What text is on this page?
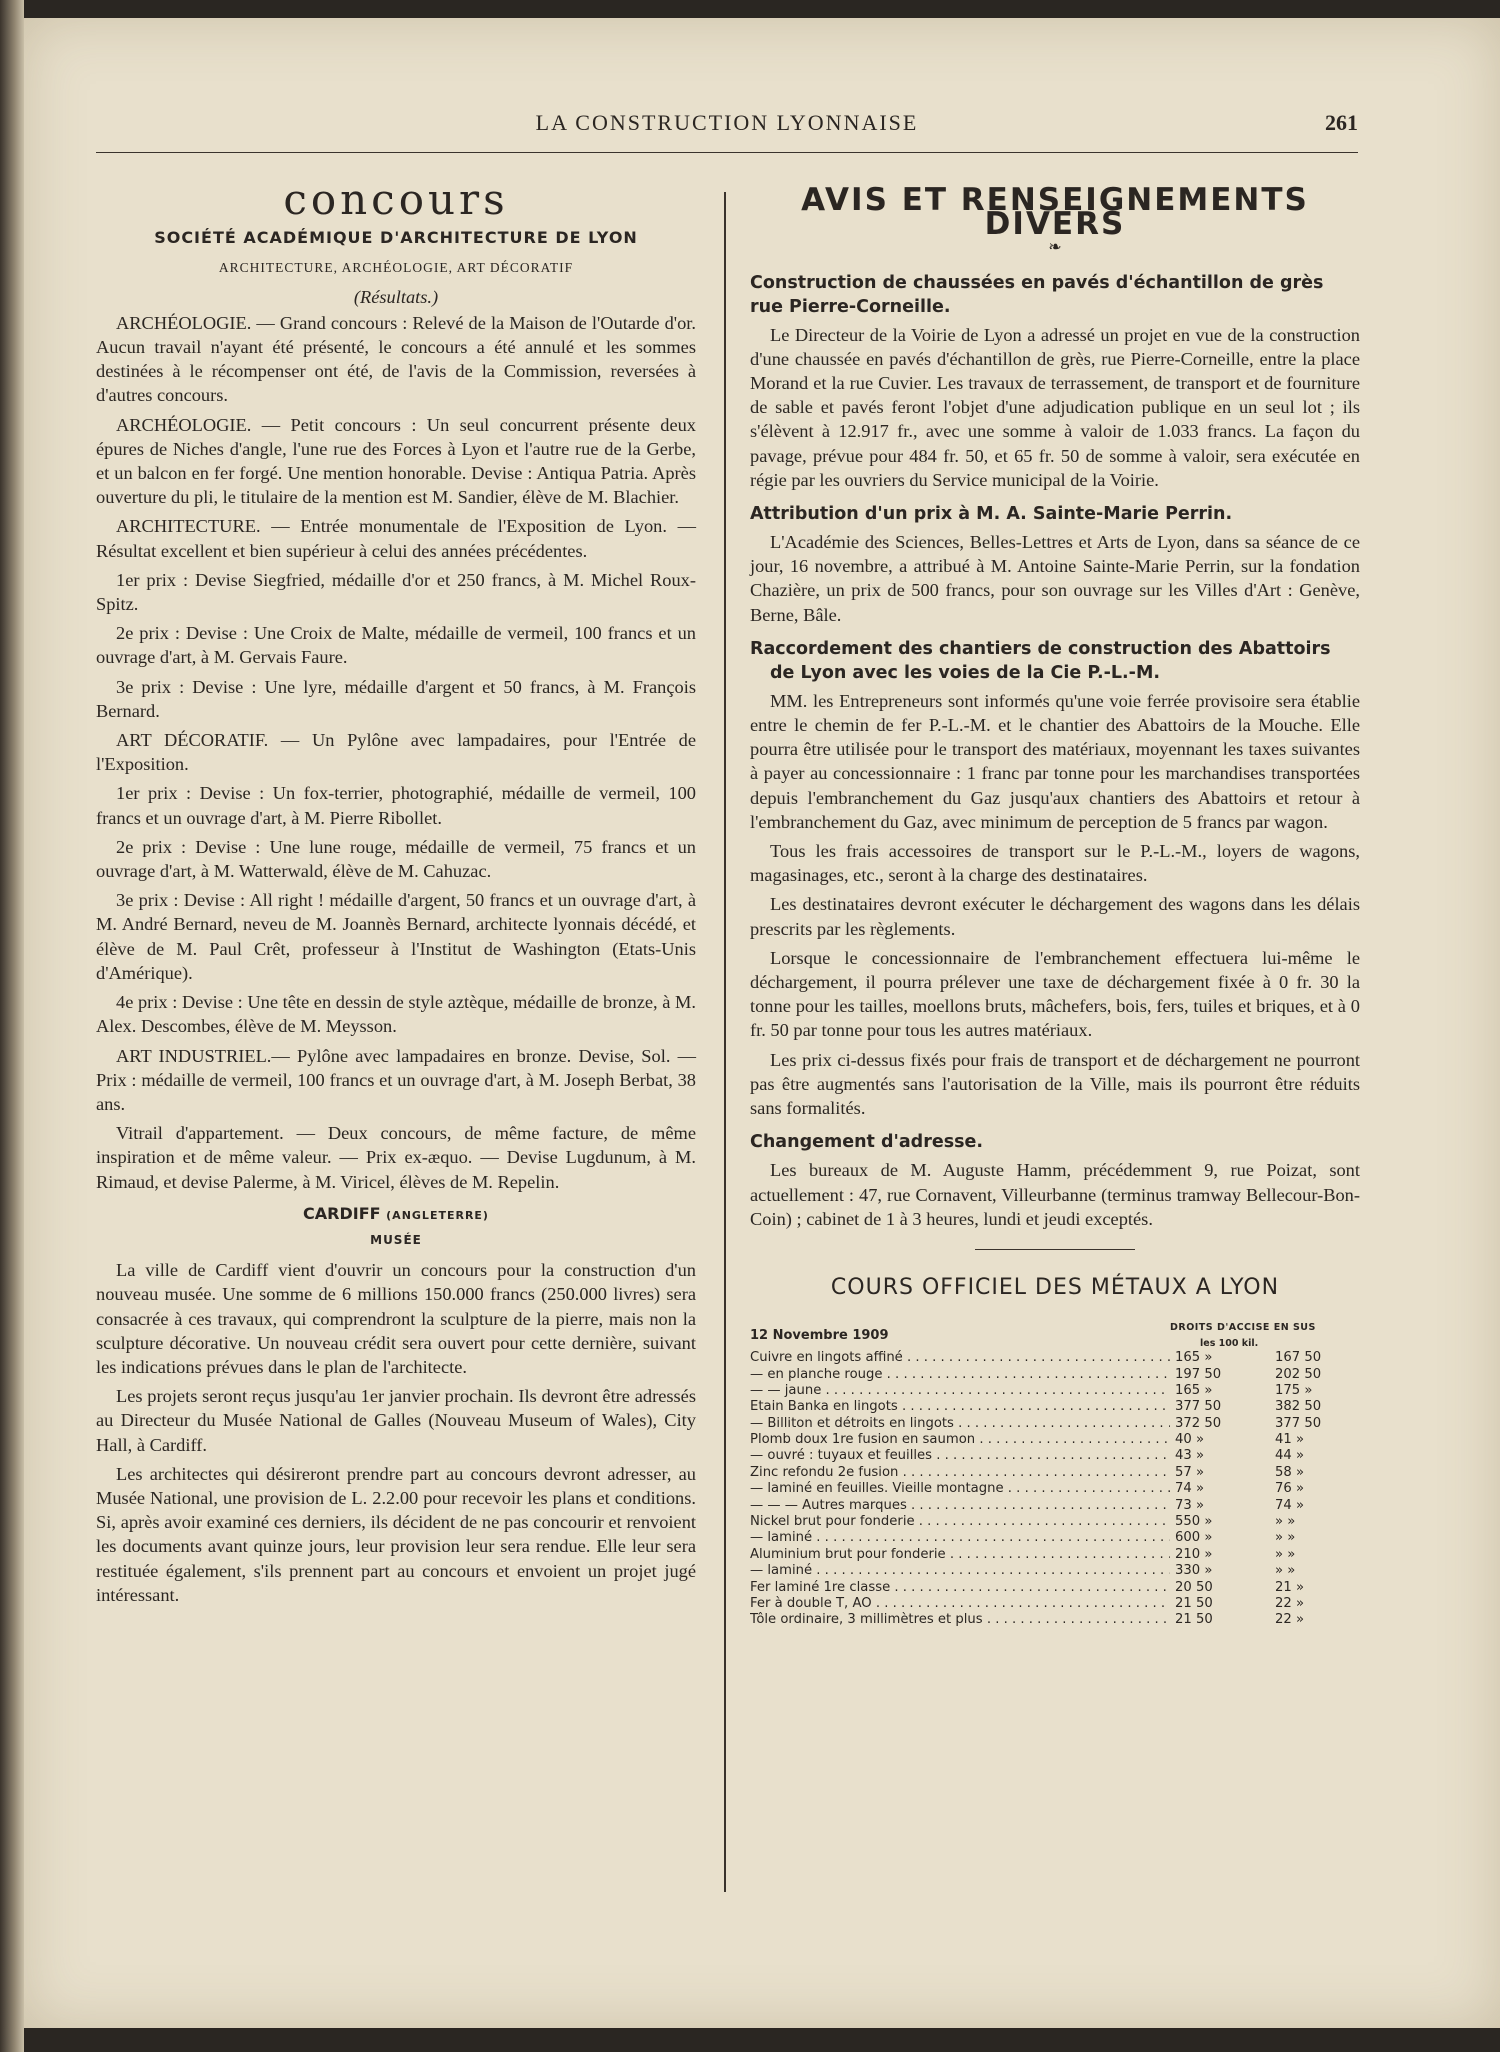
LA CONSTRUCTION LYONNAISE	261
concours
SOCIÉTÉ ACADÉMIQUE D'ARCHITECTURE DE LYON
ARCHITECTURE, ARCHÉOLOGIE, ART DÉCORATIF
(Résultats.)

ARCHÉOLOGIE. — Grand concours : Relevé de la Maison de l'Outarde d'or. Aucun travail n'ayant été présenté, le concours a été annulé et les sommes destinées à le récompenser ont été, de l'avis de la Commission, reversées à d'autres concours.

ARCHÉOLOGIE. — Petit concours : Un seul concurrent présente deux épures de Niches d'angle, l'une rue des Forces à Lyon et l'autre rue de la Gerbe, et un balcon en fer forgé. Une mention honorable. Devise : Antiqua Patria. Après ouverture du pli, le titulaire de la mention est M. Sandier, élève de M. Blachier.

ARCHITECTURE. — Entrée monumentale de l'Exposition de Lyon. — Résultat excellent et bien supérieur à celui des années précédentes.

1er prix : Devise Siegfried, médaille d'or et 250 francs, à M. Michel Roux-Spitz.

2e prix : Devise : Une Croix de Malte, médaille de vermeil, 100 francs et un ouvrage d'art, à M. Gervais Faure.

3e prix : Devise : Une lyre, médaille d'argent et 50 francs, à M. François Bernard.

ART DÉCORATIF. — Un Pylône avec lampadaires, pour l'Entrée de l'Exposition.

1er prix : Devise : Un fox-terrier, photographié, médaille de vermeil, 100 francs et un ouvrage d'art, à M. Pierre Ribollet.

2e prix : Devise : Une lune rouge, médaille de vermeil, 75 francs et un ouvrage d'art, à M. Watterwald, élève de M. Cahuzac.

3e prix : Devise : All right ! médaille d'argent, 50 francs et un ouvrage d'art, à M. André Bernard, neveu de M. Joannès Bernard, architecte lyonnais décédé, et élève de M. Paul Crêt, professeur à l'Institut de Washington (Etats-Unis d'Amérique).

4e prix : Devise : Une tête en dessin de style aztèque, médaille de bronze, à M. Alex. Descombes, élève de M. Meysson.

ART INDUSTRIEL.— Pylône avec lampadaires en bronze. Devise, Sol. — Prix : médaille de vermeil, 100 francs et un ouvrage d'art, à M. Joseph Berbat, 38 ans.

Vitrail d'appartement. — Deux concours, de même facture, de même inspiration et de même valeur. — Prix ex-æquo. — Devise Lugdunum, à M. Rimaud, et devise Palerme, à M. Viricel, élèves de M. Repelin.

CARDIFF (ANGLETERRE)
MUSÉE

La ville de Cardiff vient d'ouvrir un concours pour la construction d'un nouveau musée. Une somme de 6 millions 150.000 francs (250.000 livres) sera consacrée à ces travaux, qui comprendront la sculpture de la pierre, mais non la sculpture décorative. Un nouveau crédit sera ouvert pour cette dernière, suivant les indications prévues dans le plan de l'architecte.

Les projets seront reçus jusqu'au 1er janvier prochain. Ils devront être adressés au Directeur du Musée National de Galles (Nouveau Museum of Wales), City Hall, à Cardiff.

Les architectes qui désireront prendre part au concours devront adresser, au Musée National, une provision de L. 2.2.00 pour recevoir les plans et conditions. Si, après avoir examiné ces derniers, ils décident de ne pas concourir et renvoient les documents avant quinze jours, leur provision leur sera rendue. Elle leur sera restituée également, s'ils prennent part au concours et envoient un projet jugé intéressant.

AVIS ET RENSEIGNEMENTS DIVERS
❧
Construction de chaussées en pavés d'échantillon de grès rue Pierre-Corneille.

Le Directeur de la Voirie de Lyon a adressé un projet en vue de la construction d'une chaussée en pavés d'échantillon de grès, rue Pierre-Corneille, entre la place Morand et la rue Cuvier. Les travaux de terrassement, de transport et de fourniture de sable et pavés feront l'objet d'une adjudication publique en un seul lot ; ils s'élèvent à 12.917 fr., avec une somme à valoir de 1.033 francs. La façon du pavage, prévue pour 484 fr. 50, et 65 fr. 50 de somme à valoir, sera exécutée en régie par les ouvriers du Service municipal de la Voirie.

Attribution d'un prix à M. A. Sainte-Marie Perrin.

L'Académie des Sciences, Belles-Lettres et Arts de Lyon, dans sa séance de ce jour, 16 novembre, a attribué à M. Antoine Sainte-Marie Perrin, sur la fondation Chazière, un prix de 500 francs, pour son ouvrage sur les Villes d'Art : Genève, Berne, Bâle.

Raccordement des chantiers de construction des Abattoirs de Lyon avec les voies de la Cie P.-L.-M.

MM. les Entrepreneurs sont informés qu'une voie ferrée provisoire sera établie entre le chemin de fer P.-L.-M. et le chantier des Abattoirs de la Mouche. Elle pourra être utilisée pour le transport des matériaux, moyennant les taxes suivantes à payer au concessionnaire : 1 franc par tonne pour les marchandises transportées depuis l'embranchement du Gaz jusqu'aux chantiers des Abattoirs et retour à l'embranchement du Gaz, avec minimum de perception de 5 francs par wagon.

Tous les frais accessoires de transport sur le P.-L.-M., loyers de wagons, magasinages, etc., seront à la charge des destinataires.

Les destinataires devront exécuter le déchargement des wagons dans les délais prescrits par les règlements.

Lorsque le concessionnaire de l'embranchement effectuera lui-même le déchargement, il pourra prélever une taxe de déchargement fixée à 0 fr. 30 la tonne pour les tailles, moellons bruts, mâchefers, bois, fers, tuiles et briques, et à 0 fr. 50 par tonne pour tous les autres matériaux.

Les prix ci-dessus fixés pour frais de transport et de déchargement ne pourront pas être augmentés sans l'autorisation de la Ville, mais ils pourront être réduits sans formalités.

Changement d'adresse.

Les bureaux de M. Auguste Hamm, précédemment 9, rue Poizat, sont actuellement : 47, rue Cornavent, Villeurbanne (terminus tramway Bellecour-Bon-Coin) ; cabinet de 1 à 3 heures, lundi et jeudi exceptés.

COURS OFFICIEL DES MÉTAUX A LYON
12 Novembre 1909
DROITS D'ACCISE EN SUS
les 100 kil.
Cuivre en lingots affiné . . .	165 »	167 50
— en planche rouge . . .	197 50	202 50
— — jaune . . .	165 »	175 »
Etain Banka en lingots . . .	377 50	382 50
— Billiton et détroits en lingots . . .	372 50	377 50
Plomb doux 1re fusion en saumon . . .	40 »	41 »
— ouvré : tuyaux et feuilles . . .	43 »	44 »
Zinc refondu 2e fusion . . .	57 »	58 »
— laminé en feuilles. Vieille montagne . . .	74 »	76 »
— — — Autres marques . . .	73 »	74 »
Nickel brut pour fonderie . . .	550 »	» »
— laminé . . .	600 »	» »
Aluminium brut pour fonderie . . .	210 »	» »
— laminé . . .	330 »	» »
Fer laminé 1re classe . . .	20 50	21 »
Fer à double T, AO . . .	21 50	22 »
Tôle ordinaire, 3 millimètres et plus . . .	21 50	22 »
